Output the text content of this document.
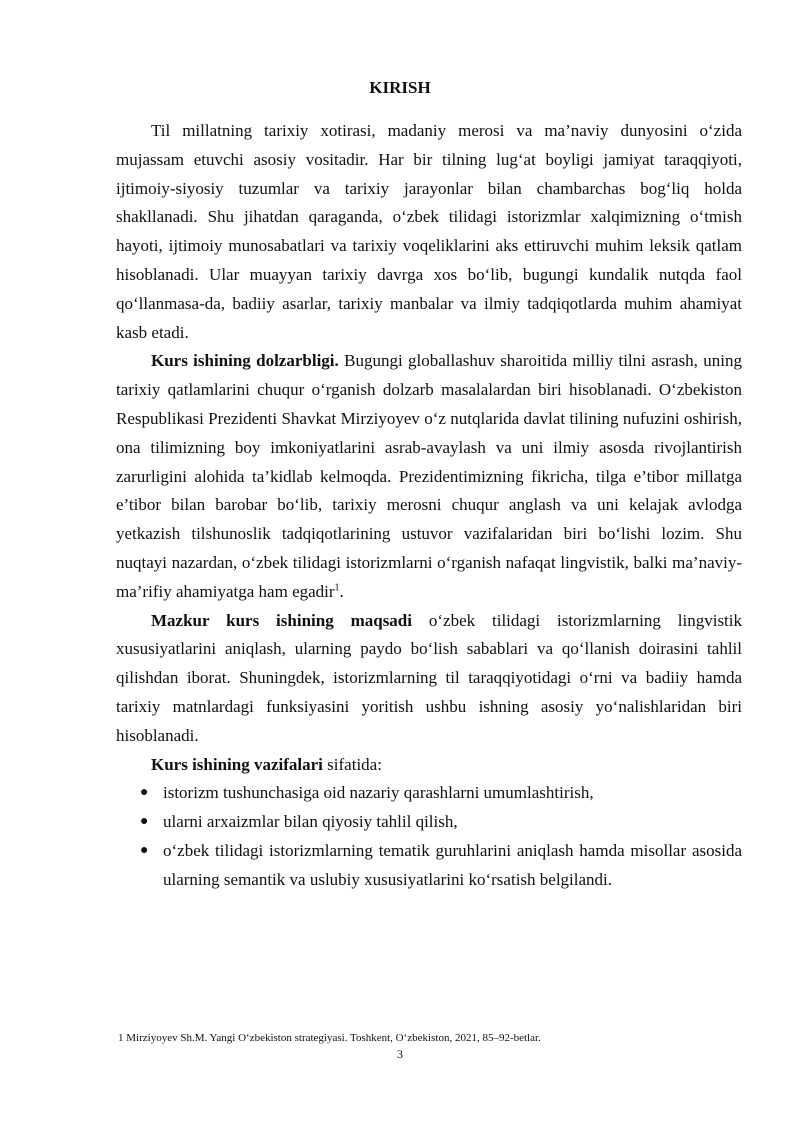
KIRISH

Til millatning tarixiy xotirasi, madaniy merosi va ma’naviy dunyosini o‘zida mujassam etuvchi asosiy vositadir. Har bir tilning lug‘at boyligi jamiyat taraqqiyoti, ijtimoiy-siyosiy tuzumlar va tarixiy jarayonlar bilan chambarchas bog‘liq holda shakllanadi. Shu jihatdan qaraganda, o‘zbek tilidagi istorizmlar xalqimizning o‘tmish hayoti, ijtimoiy munosabatlari va tarixiy voqeliklarini aks ettiruvchi muhim leksik qatlam hisoblanadi. Ular muayyan tarixiy davrga xos bo‘lib, bugungi kundalik nutqda faol qo‘llanmasa-da, badiiy asarlar, tarixiy manbalar va ilmiy tadqiqotlarda muhim ahamiyat kasb etadi.

Kurs ishining dolzarbligi. Bugungi globallashuv sharoitida milliy tilni asrash, uning tarixiy qatlamlarini chuqur o‘rganish dolzarb masalalardan biri hisoblanadi. O‘zbekiston Respublikasi Prezidenti Shavkat Mirziyoyev o‘z nutqlarida davlat tilining nufuzini oshirish, ona tilimizning boy imkoniyatlarini asrab-avaylash va uni ilmiy asosda rivojlantirish zarurligini alohida ta’kidlab kelmoqda. Prezidentimizning fikricha, tilga e’tibor millatga e’tibor bilan barobar bo‘lib, tarixiy merosni chuqur anglash va uni kelajak avlodga yetkazish tilshunoslik tadqiqotlarining ustuvor vazifalaridan biri bo‘lishi lozim. Shu nuqtayi nazardan, o‘zbek tilidagi istorizmlarni o‘rganish nafaqat lingvistik, balki ma’naviy-ma’rifiy ahamiyatga ham egadir$^1$.

Mazkur kurs ishining maqsadi o‘zbek tilidagi istorizmlarning lingvistik xususiyatlarini aniqlash, ularning paydo bo‘lish sabablari va qo‘llanish doirasini tahlil qilishdan iborat. Shuningdek, istorizmlarning til taraqqiyotidagi o‘rni va badiiy hamda tarixiy matnlardagi funksiyasini yoritish ushbu ishning asosiy yo‘nalishlaridan biri hisoblanadi.

Kurs ishining vazifalari sifatida:
● istorizm tushunchasiga oid nazariy qarashlarni umumlashtirish,
● ularni arxaizmlar bilan qiyosiy tahlil qilish,
● o‘zbek tilidagi istorizmlarning tematik guruhlarini aniqlash hamda misollar asosida ularning semantik va uslubiy xususiyatlarini ko‘rsatish belgilandi.
1 Mirziyoyev Sh.M. Yangi O‘zbekiston strategiyasi. Toshkent, O‘zbekiston, 2021, 85–92-betlar.
3
